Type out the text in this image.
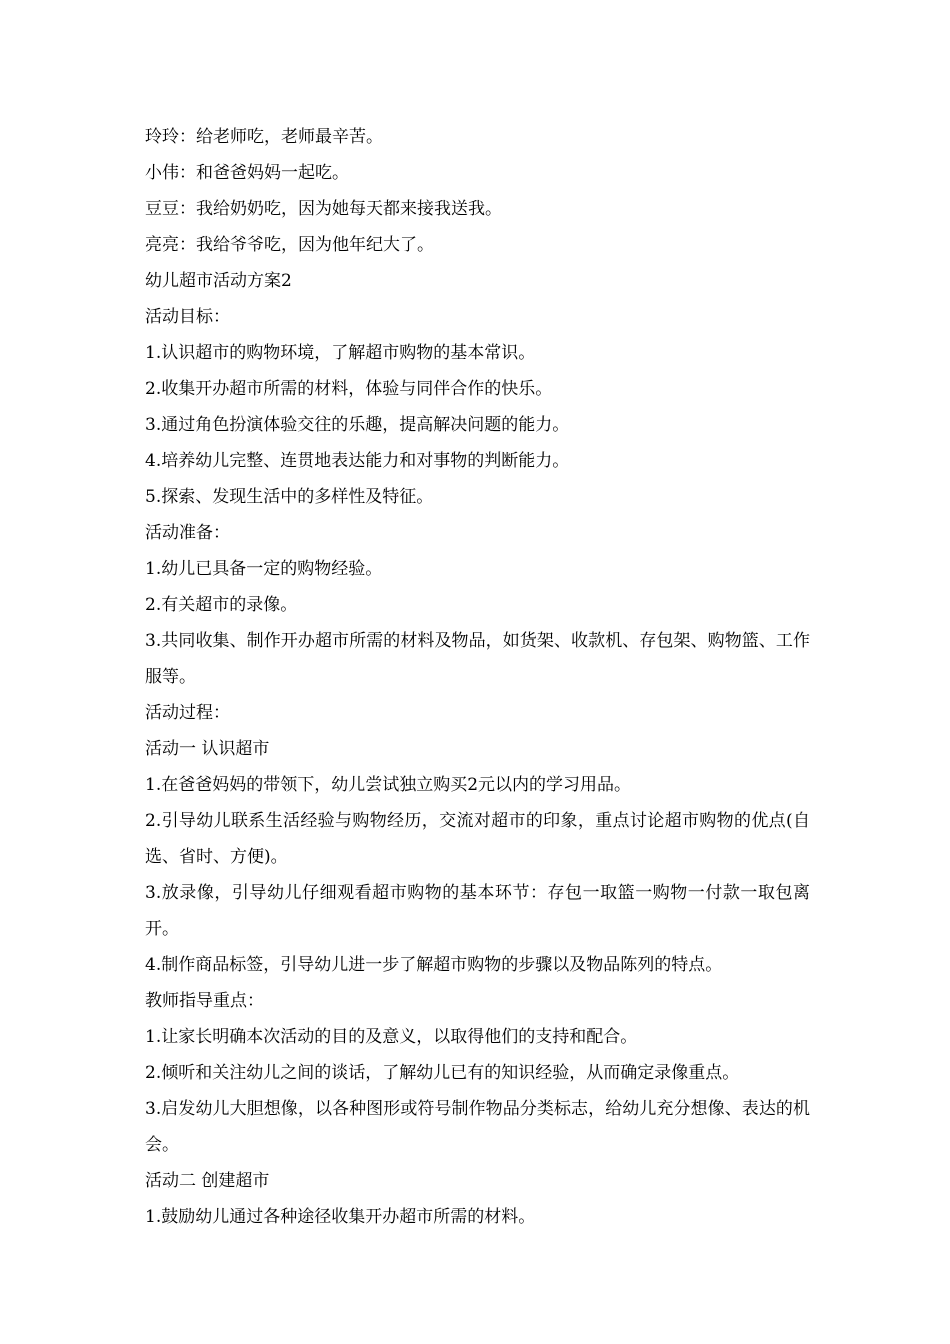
玲玲：给老师吃，老师最辛苦。

小伟：和爸爸妈妈一起吃。

豆豆：我给奶奶吃，因为她每天都来接我送我。

亮亮：我给爷爷吃，因为他年纪大了。

幼儿超市活动方案2

活动目标：

1.认识超市的购物环境，了解超市购物的基本常识。

2.收集开办超市所需的材料，体验与同伴合作的快乐。

3.通过角色扮演体验交往的乐趣，提高解决问题的能力。

4.培养幼儿完整、连贯地表达能力和对事物的判断能力。

5.探索、发现生活中的多样性及特征。

活动准备：

1.幼儿已具备一定的购物经验。

2.有关超市的录像。

3.共同收集、制作开办超市所需的材料及物品，如货架、收款机、存包架、购物篮、工作服等。

活动过程：

活动一 认识超市

1.在爸爸妈妈的带领下，幼儿尝试独立购买2元以内的学习用品。

2.引导幼儿联系生活经验与购物经历，交流对超市的印象，重点讨论超市购物的优点(自选、省时、方便)。

3.放录像，引导幼儿仔细观看超市购物的基本环节：存包一取篮一购物一付款一取包离开。

4.制作商品标签，引导幼儿进一步了解超市购物的步骤以及物品陈列的特点。

教师指导重点：

1.让家长明确本次活动的目的及意义，以取得他们的支持和配合。

2.倾听和关注幼儿之间的谈话，了解幼儿已有的知识经验，从而确定录像重点。

3.启发幼儿大胆想像，以各种图形或符号制作物品分类标志，给幼儿充分想像、表达的机会。

活动二 创建超市

1.鼓励幼儿通过各种途径收集开办超市所需的材料。
